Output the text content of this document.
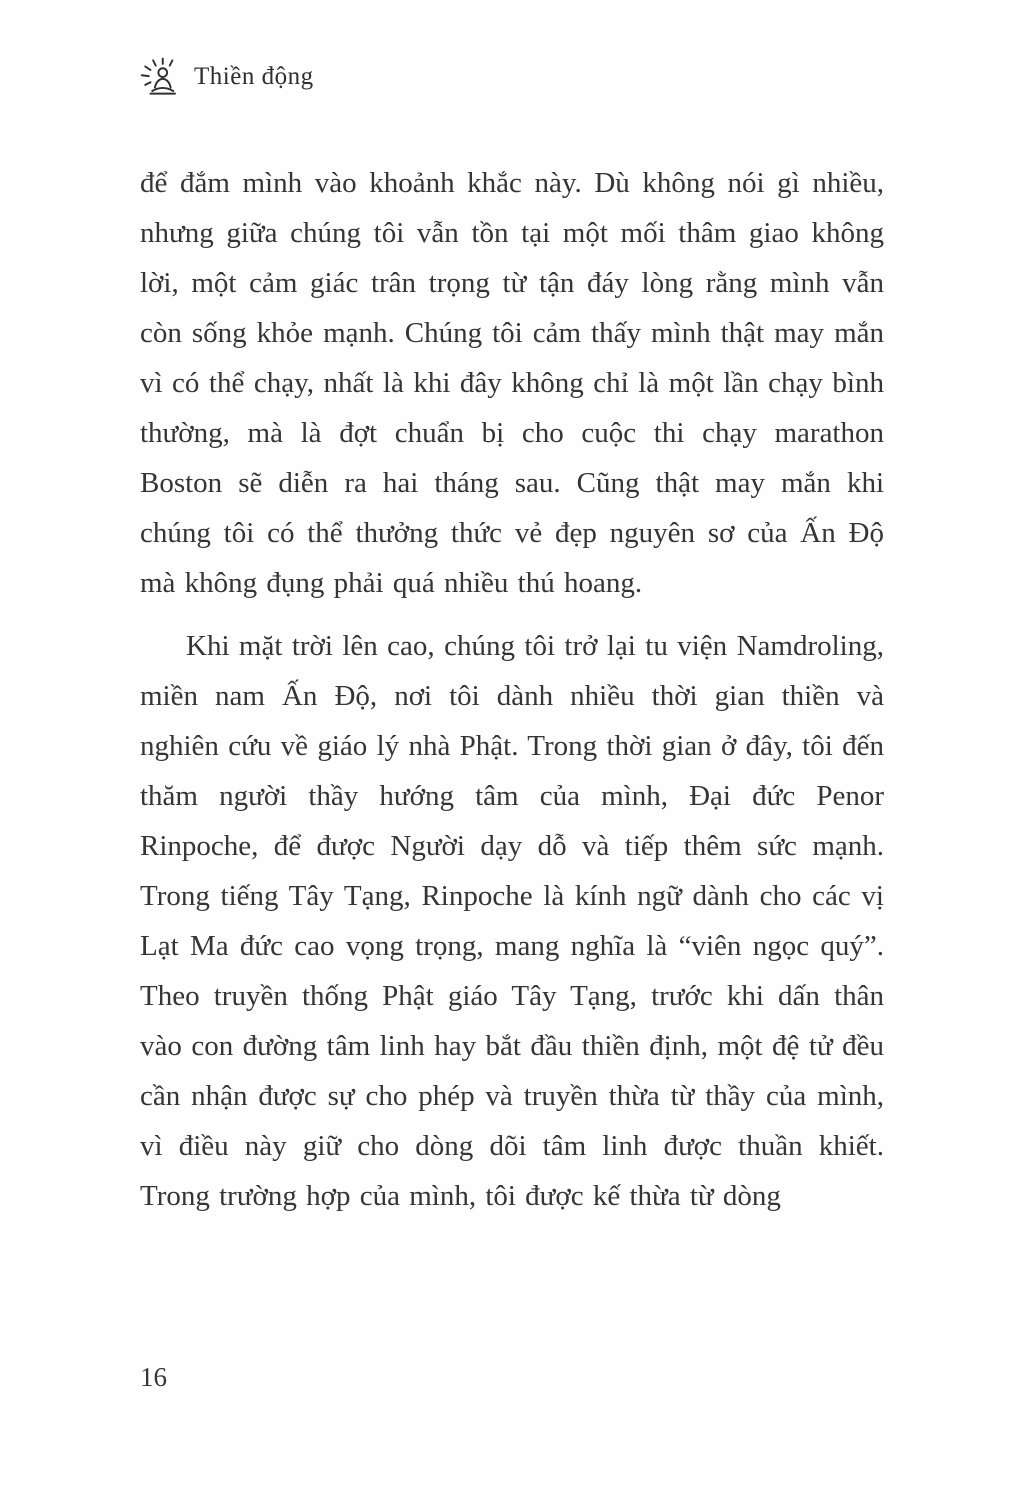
Thiền động

để đắm mình vào khoảnh khắc này. Dù không nói gì nhiều, nhưng giữa chúng tôi vẫn tồn tại một mối thâm giao không lời, một cảm giác trân trọng từ tận đáy lòng rằng mình vẫn còn sống khỏe mạnh. Chúng tôi cảm thấy mình thật may mắn vì có thể chạy, nhất là khi đây không chỉ là một lần chạy bình thường, mà là đợt chuẩn bị cho cuộc thi chạy marathon Boston sẽ diễn ra hai tháng sau. Cũng thật may mắn khi chúng tôi có thể thưởng thức vẻ đẹp nguyên sơ của Ấn Độ mà không đụng phải quá nhiều thú hoang.

Khi mặt trời lên cao, chúng tôi trở lại tu viện Namdroling, miền nam Ấn Độ, nơi tôi dành nhiều thời gian thiền và nghiên cứu về giáo lý nhà Phật. Trong thời gian ở đây, tôi đến thăm người thầy hướng tâm của mình, Đại đức Penor Rinpoche, để được Người dạy dỗ và tiếp thêm sức mạnh. Trong tiếng Tây Tạng, Rinpoche là kính ngữ dành cho các vị Lạt Ma đức cao vọng trọng, mang nghĩa là “viên ngọc quý”. Theo truyền thống Phật giáo Tây Tạng, trước khi dấn thân vào con đường tâm linh hay bắt đầu thiền định, một đệ tử đều cần nhận được sự cho phép và truyền thừa từ thầy của mình, vì điều này giữ cho dòng dõi tâm linh được thuần khiết. Trong trường hợp của mình, tôi được kế thừa từ dòng

16
